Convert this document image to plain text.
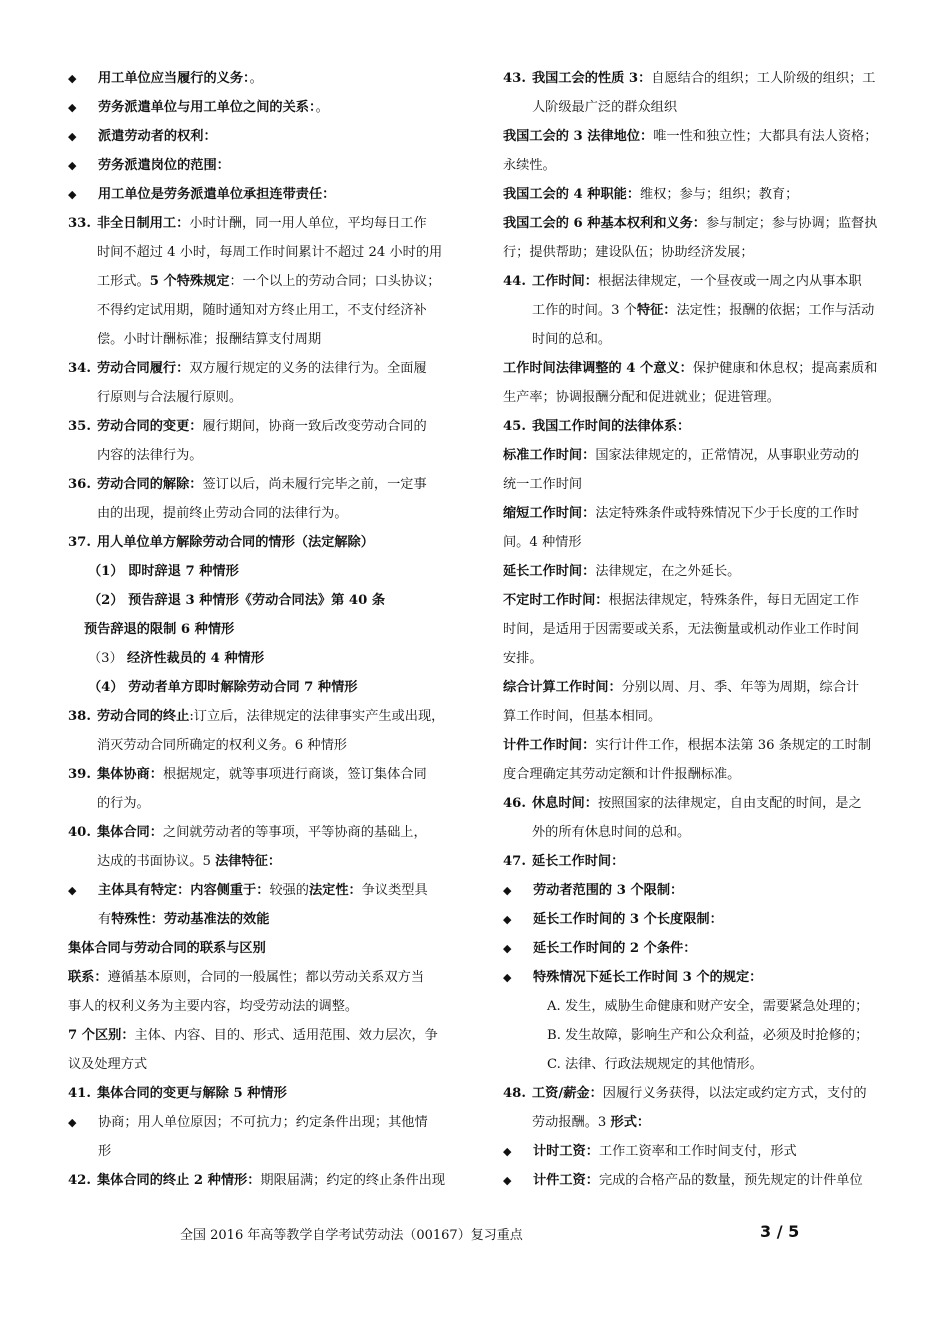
用工单位应当履行的义务：。
劳务派遣单位与用工单位之间的关系：。
派遣劳动者的权利：
劳务派遣岗位的范围：
用工单位是劳务派遣单位承担连带责任：
33. 非全日制用工：小时计酬，同一用人单位，平均每日工作
时间不超过 4 小时，每周工作时间累计不超过 24 小时的用
工形式。5 个特殊规定：一个以上的劳动合同；口头协议；
不得约定试用期，随时通知对方终止用工，不支付经济补
偿。小时计酬标准；报酬结算支付周期
34. 劳动合同履行：双方履行规定的义务的法律行为。全面履
行原则与合法履行原则。
35. 劳动合同的变更：履行期间，协商一致后改变劳动合同的
内容的法律行为。
36. 劳动合同的解除：签订以后，尚未履行完毕之前，一定事
由的出现，提前终止劳动合同的法律行为。
37. 用人单位单方解除劳动合同的情形（法定解除）
（1） 即时辞退 7 种情形
（2） 预告辞退 3 种情形《劳动合同法》第 40 条
预告辞退的限制 6 种情形
（3） 经济性裁员的 4 种情形
（4） 劳动者单方即时解除劳动合同 7 种情形
38. 劳动合同的终止:订立后，法律规定的法律事实产生或出现，
消灭劳动合同所确定的权利义务。6 种情形
39. 集体协商：根据规定，就等事项进行商谈，签订集体合同
的行为。
40. 集体合同：之间就劳动者的等事项，平等协商的基础上，
达成的书面协议。5 法律特征：
主体具有特定：内容侧重于：较强的法定性：争议类型具
有特殊性：劳动基准法的效能
集体合同与劳动合同的联系与区别
联系：遵循基本原则，合同的一般属性；都以劳动关系双方当
事人的权利义务为主要内容，均受劳动法的调整。
7 个区别：主体、内容、目的、形式、适用范围、效力层次，争
议及处理方式
41. 集体合同的变更与解除 5 种情形
协商；用人单位原因；不可抗力；约定条件出现；其他情
形
42. 集体合同的终止 2 种情形：期限届满；约定的终止条件出现
43. 我国工会的性质 3：自愿结合的组织；工人阶级的组织；工
人阶级最广泛的群众组织
我国工会的 3 法律地位：唯一性和独立性；大都具有法人资格；
永续性。
我国工会的 4 种职能：维权；参与；组织；教育；
我国工会的 6 种基本权利和义务：参与制定；参与协调；监督执
行；提供帮助；建设队伍；协助经济发展；
44. 工作时间：根据法律规定，一个昼夜或一周之内从事本职
工作的时间。3 个特征：法定性；报酬的依据；工作与活动
时间的总和。
工作时间法律调整的 4 个意义：保护健康和休息权；提高素质和
生产率；协调报酬分配和促进就业；促进管理。
45. 我国工作时间的法律体系：
标准工作时间：国家法律规定的，正常情况，从事职业劳动的
统一工作时间
缩短工作时间：法定特殊条件或特殊情况下少于长度的工作时
间。4 种情形
延长工作时间：法律规定，在之外延长。
不定时工作时间：根据法律规定，特殊条件，每日无固定工作
时间，是适用于因需要或关系，无法衡量或机动作业工作时间
安排。
综合计算工作时间：分别以周、月、季、年等为周期，综合计
算工作时间，但基本相同。
计件工作时间：实行计件工作，根据本法第 36 条规定的工时制
度合理确定其劳动定额和计件报酬标准。
46. 休息时间：按照国家的法律规定，自由支配的时间，是之
外的所有休息时间的总和。
47. 延长工作时间：
劳动者范围的 3 个限制：
延长工作时间的 3 个长度限制：
延长工作时间的 2 个条件：
特殊情况下延长工作时间 3 个的规定：
A. 发生，威胁生命健康和财产安全，需要紧急处理的；
B. 发生故障，影响生产和公众利益，必须及时抢修的；
C. 法律、行政法规规定的其他情形。
48. 工资/薪金：因履行义务获得，以法定或约定方式，支付的
劳动报酬。3 形式：
计时工资：工作工资率和工作时间支付，形式
计件工资：完成的合格产品的数量，预先规定的计件单位
全国 2016 年高等教学自学考试劳动法（00167）复习重点	3 / 5
